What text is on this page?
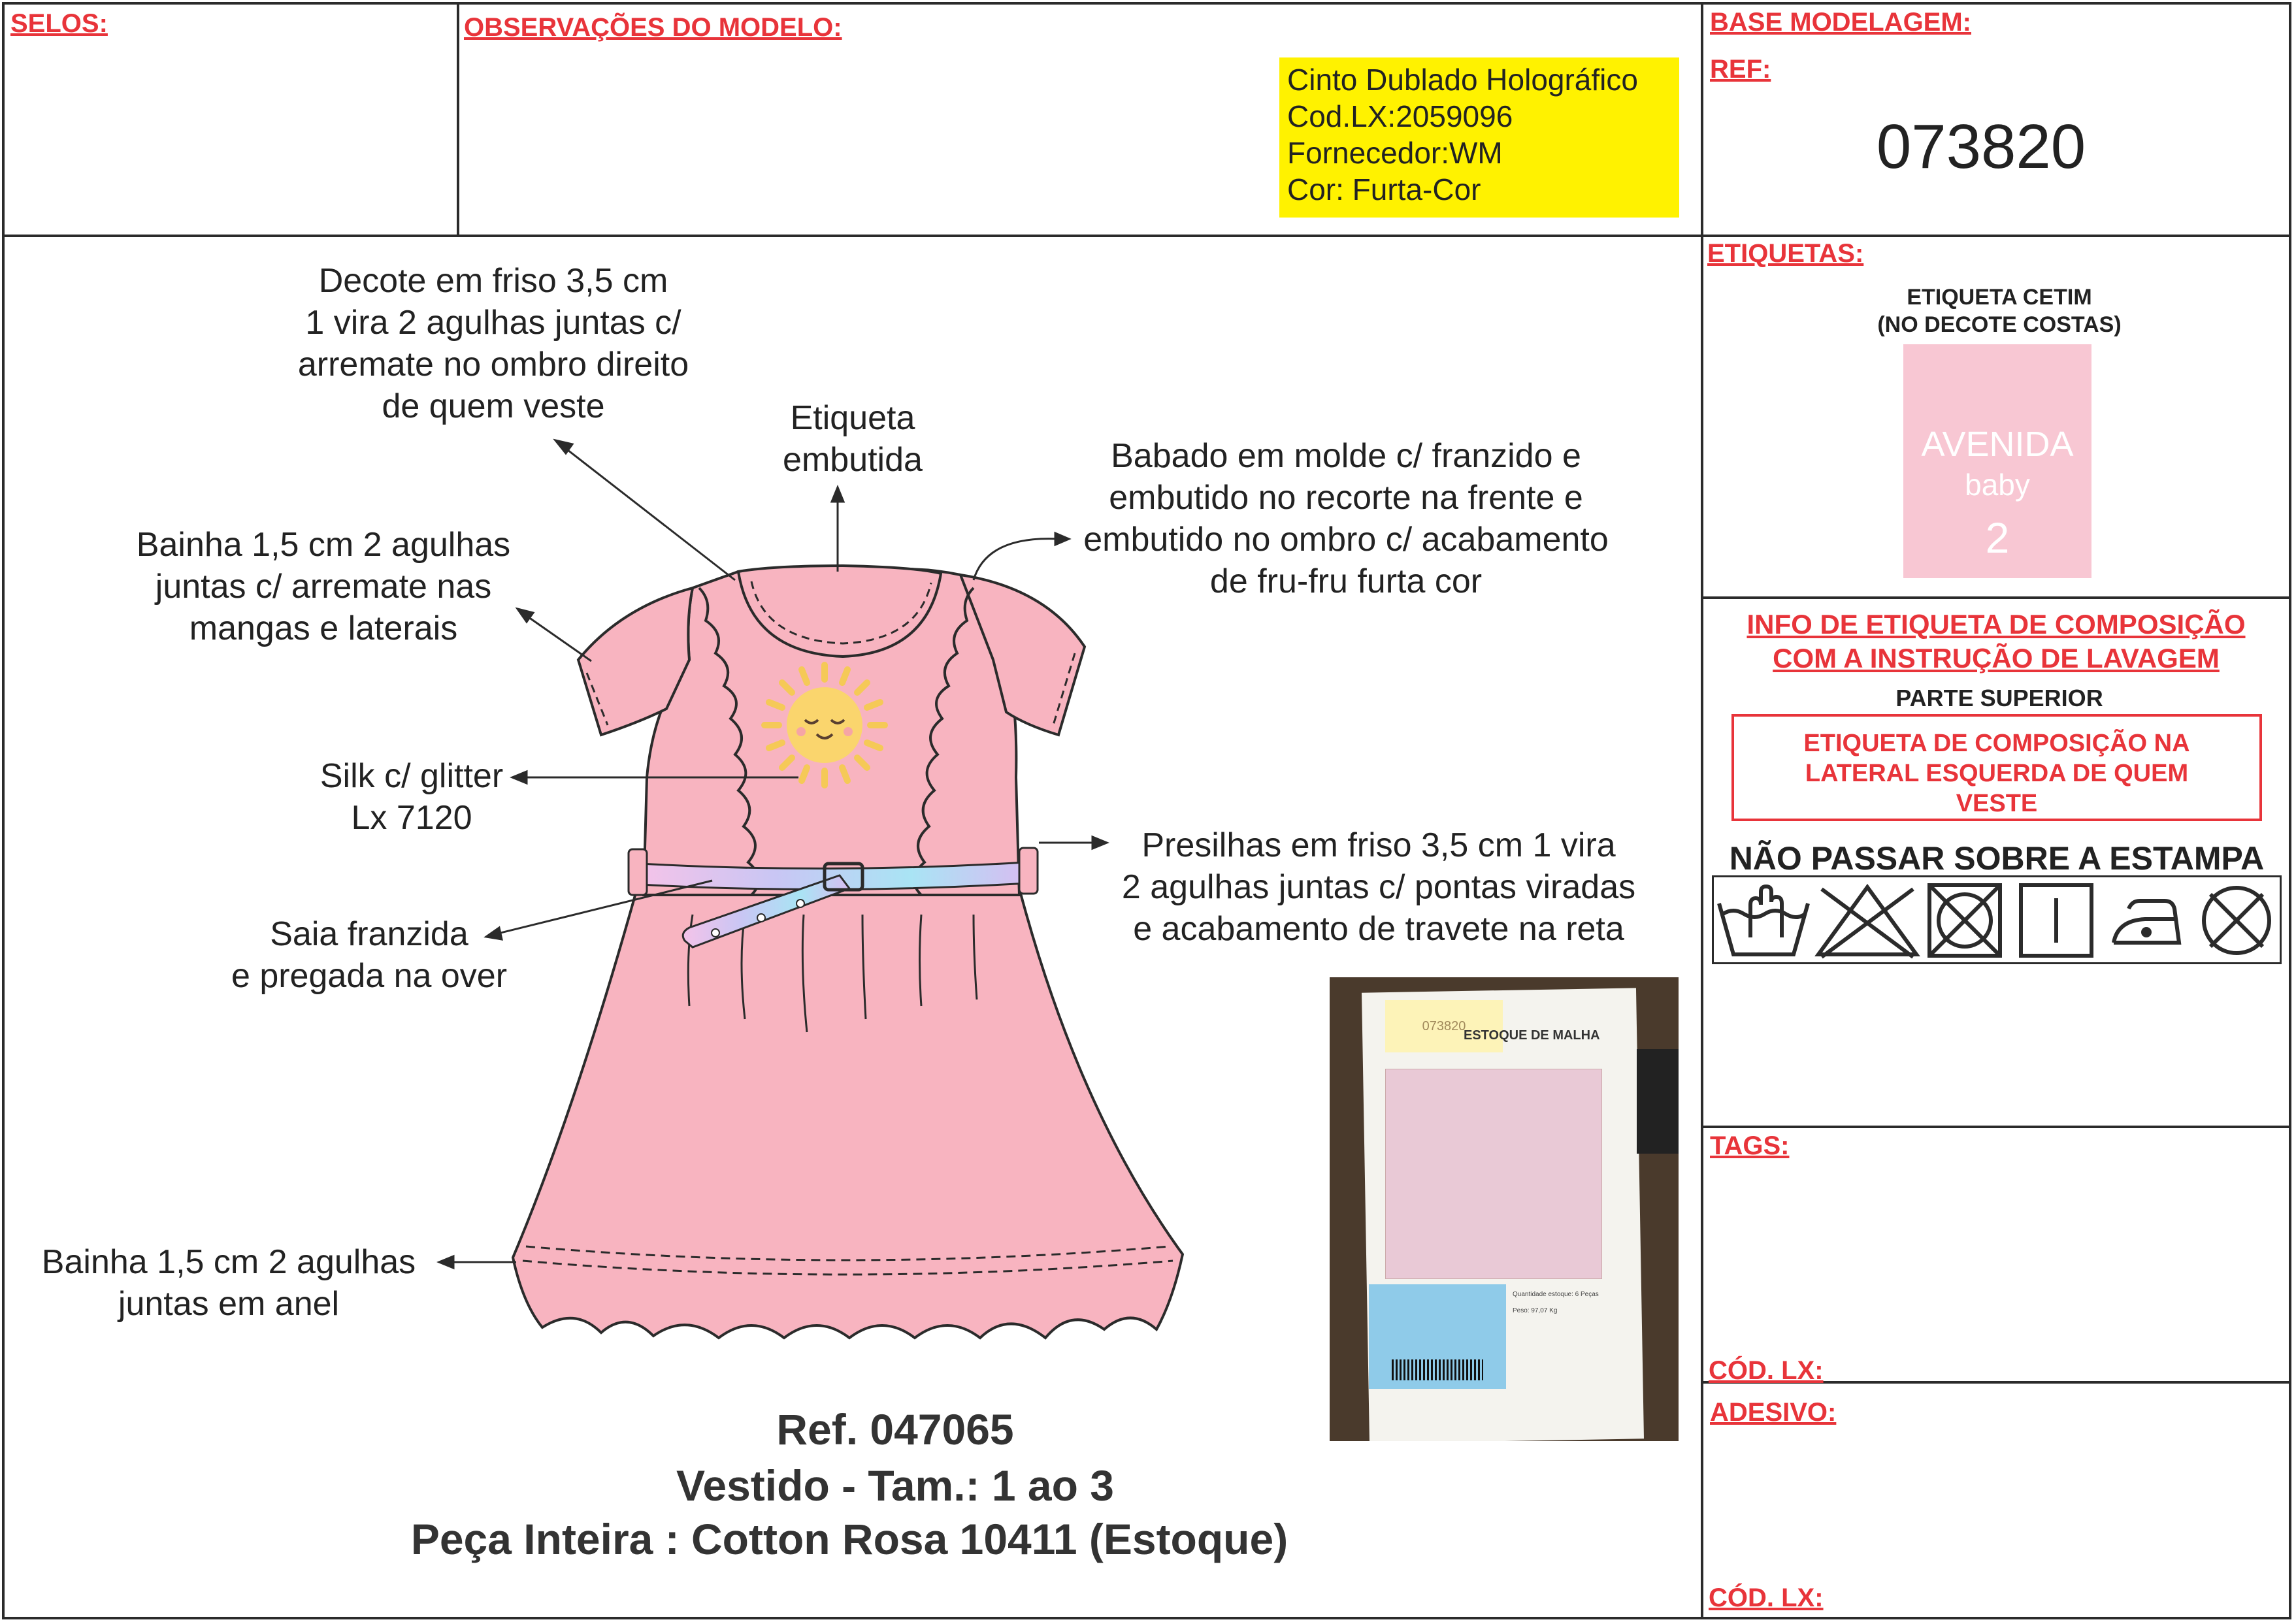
SELOS:	OBSERVAÇÕES DO MODELO:
Cinto Dublado Holográfico
Cod.LX:2059096
Fornecedor:WM
Cor: Furta-Cor
BASE MODELAGEM:
REF:
073820
Decote em friso 3,5 cm
1 vira 2 agulhas juntas c/
arremate no ombro direito
de quem veste	Etiqueta
embutida	Babado em molde c/ franzido e
embutido no recorte na frente e
embutido no ombro c/ acabamento
de fru-fru furta cor
Bainha 1,5 cm 2 agulhas
juntas c/ arremate nas
mangas e laterais
Silk c/ glitter
Lx 7120
Presilhas em friso 3,5 cm 1 vira
2 agulhas juntas c/ pontas viradas
e acabamento de travete na reta
Saia franzida
e pregada na over
Bainha 1,5 cm 2 agulhas
juntas em anel
073820
ESTOQUE DE MALHA
Quantidade estoque: 6 Peças
Peso: 97,07 Kg
Ref. 047065
Vestido - Tam.: 1 ao 3
Peça Inteira : Cotton Rosa 10411 (Estoque)
ETIQUETAS:
ETIQUETA CETIM
(NO DECOTE COSTAS)
AVENIDA
baby
2
INFO DE ETIQUETA DE COMPOSIÇÃO
COM A INSTRUÇÃO DE LAVAGEM
PARTE SUPERIOR
ETIQUETA DE COMPOSIÇÃO NA
LATERAL ESQUERDA DE QUEM
VESTE
NÃO PASSAR SOBRE A ESTAMPA
TAGS:
CÓD. LX:
ADESIVO:
CÓD. LX:
